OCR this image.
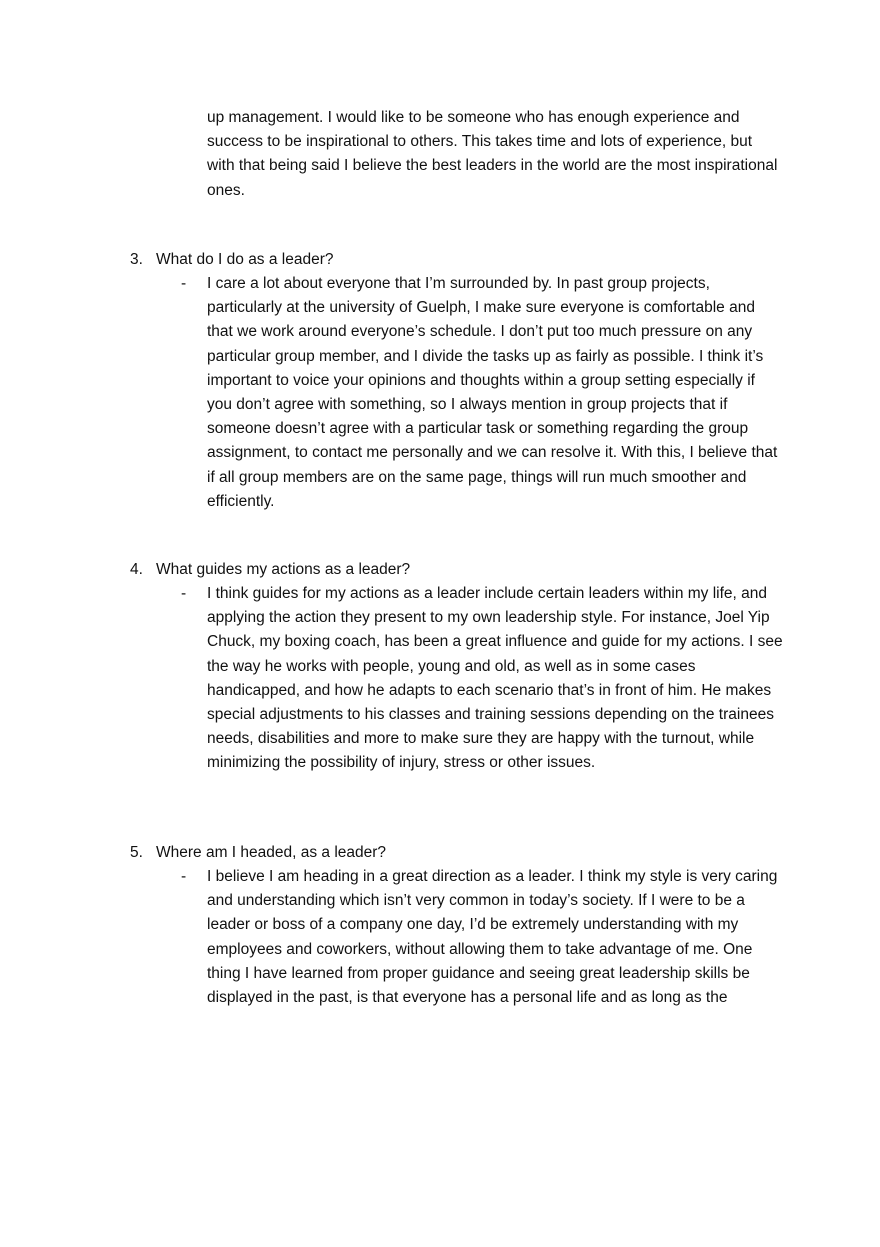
up management. I would like to be someone who has enough experience and success to be inspirational to others. This takes time and lots of experience, but with that being said I believe the best leaders in the world are the most inspirational ones.

3. What do I do as a leader?
- I care a lot about everyone that I’m surrounded by. In past group projects, particularly at the university of Guelph, I make sure everyone is comfortable and that we work around everyone’s schedule. I don’t put too much pressure on any particular group member, and I divide the tasks up as fairly as possible. I think it’s important to voice your opinions and thoughts within a group setting especially if you don’t agree with something, so I always mention in group projects that if someone doesn’t agree with a particular task or something regarding the group assignment, to contact me personally and we can resolve it. With this, I believe that if all group members are on the same page, things will run much smoother and efficiently.

4. What guides my actions as a leader?
- I think guides for my actions as a leader include certain leaders within my life, and applying the action they present to my own leadership style. For instance, Joel Yip Chuck, my boxing coach, has been a great influence and guide for my actions. I see the way he works with people, young and old, as well as in some cases handicapped, and how he adapts to each scenario that’s in front of him. He makes special adjustments to his classes and training sessions depending on the trainees needs, disabilities and more to make sure they are happy with the turnout, while minimizing the possibility of injury, stress or other issues.

5. Where am I headed, as a leader?
- I believe I am heading in a great direction as a leader. I think my style is very caring and understanding which isn’t very common in today’s society. If I were to be a leader or boss of a company one day, I’d be extremely understanding with my employees and coworkers, without allowing them to take advantage of me. One thing I have learned from proper guidance and seeing great leadership skills be displayed in the past, is that everyone has a personal life and as long as the
